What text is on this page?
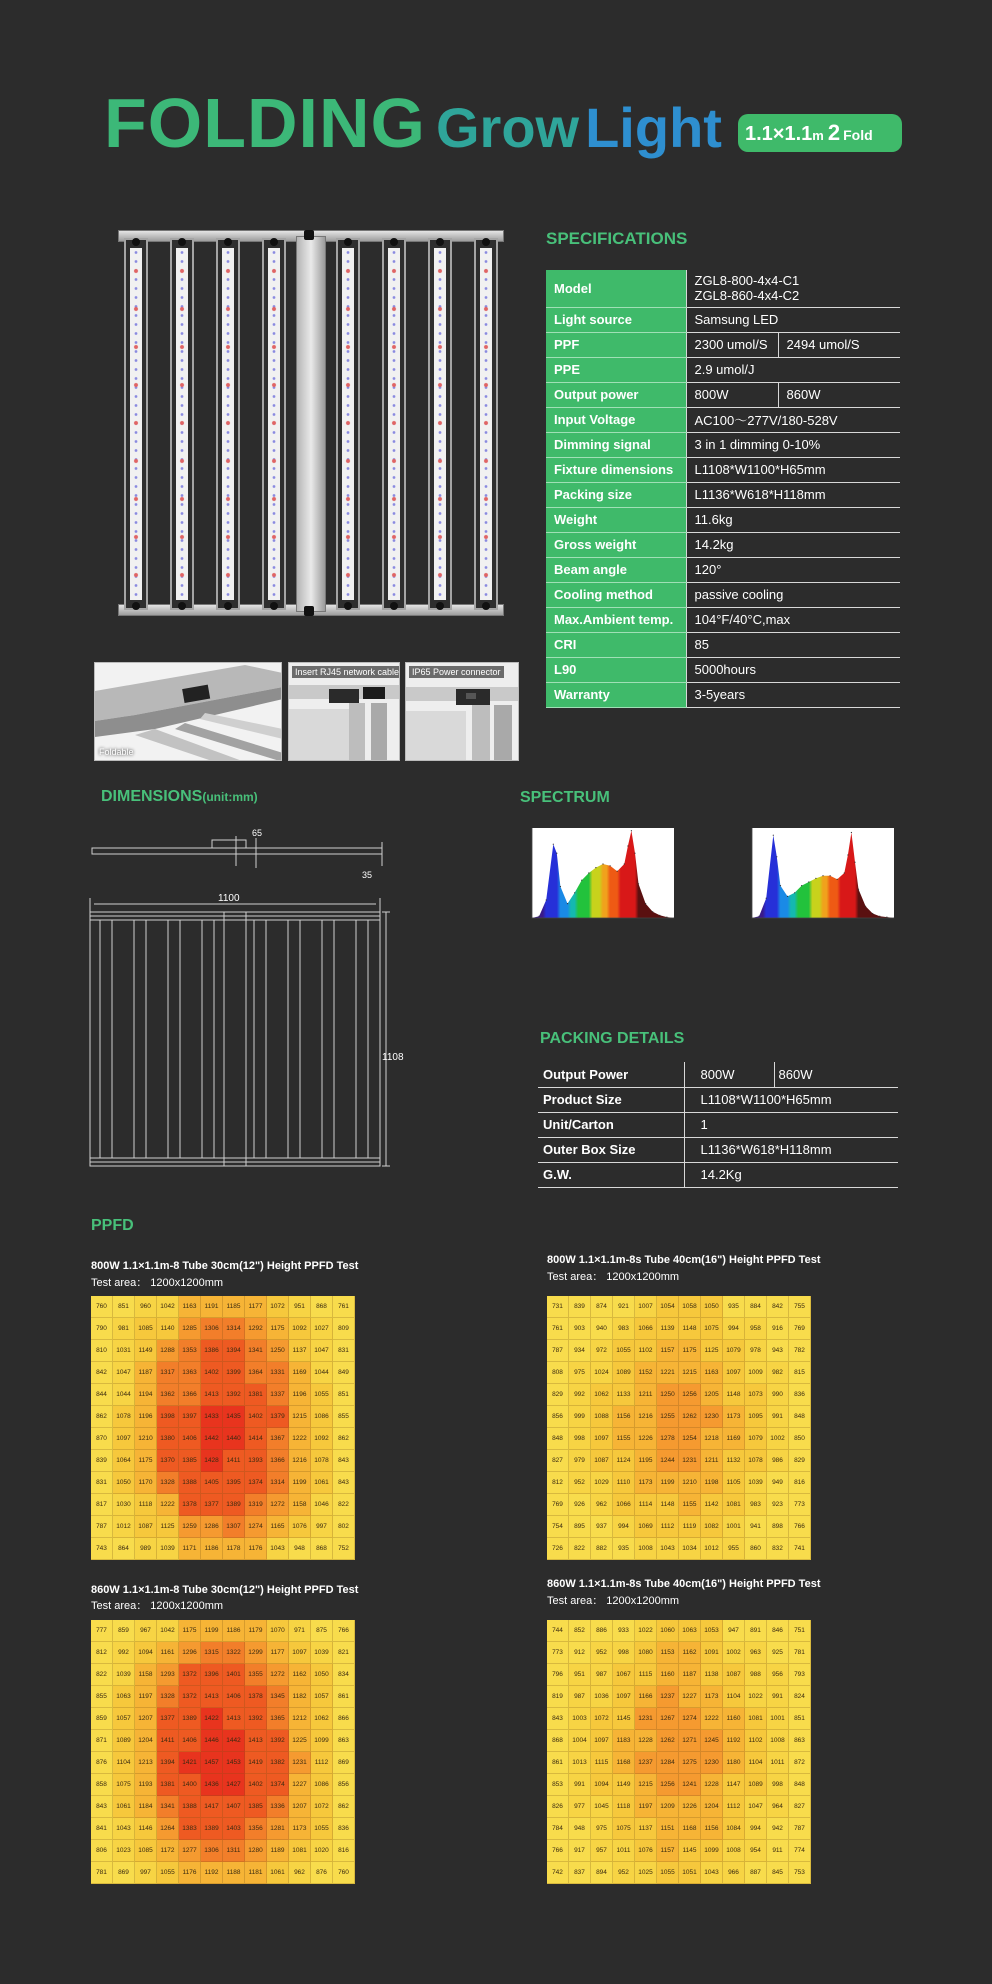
FOLDING Grow Light	1.1×1.1m 2 Fold
Foldable
Insert RJ45 network cable	IP65 Power connector
SPECIFICATIONS
Model	ZGL8-800-4x4-C1
ZGL8-860-4x4-C2	

Light source	Samsung LED	
PPF	2300 umol/S	2494 umol/S
PPE	2.9 umol/J	
Output power	800W	860W
Input Voltage	AC100～277V/180-528V	
Dimming signal	3 in 1 dimming 0-10%	
Fixture dimensions	L1108*W1100*H65mm	
Packing size	L1136*W618*H118mm	
Weight	11.6kg	
Gross weight	14.2kg	
Beam angle	120°	
Cooling method	passive cooling	
Max.Ambient temp.	104°F/40°C,max	
CRI	85	
L90	5000hours	
Warranty	3-5years	
DIMENSIONS(unit:mm)
65
35
1100
1108
SPECTRUM
PACKING DETAILS
Output Power	800W	860W
Product Size	L1108*W1100*H65mm	
Unit/Carton	1	
Outer Box Size	L1136*W618*H118mm	
G.W.	14.2Kg	
PPFD
800W 1.1×1.1m-8 Tube 30cm(12") Height PPFD Test
Test area： 1200x1200mm
760	851	960	1042	1163	1191	1185	1177	1072	951	868	761
790	981	1085	1140	1285	1306	1314	1292	1175	1092	1027	809
810	1031	1149	1288	1353	1386	1394	1341	1250	1137	1047	831
842	1047	1187	1317	1363	1402	1399	1364	1331	1169	1044	849
844	1044	1194	1362	1366	1413	1392	1381	1337	1196	1055	851
862	1078	1196	1398	1397	1433	1435	1402	1379	1215	1086	855
870	1097	1210	1380	1406	1442	1440	1414	1367	1222	1092	862
839	1064	1175	1370	1385	1428	1411	1393	1366	1216	1078	843
831	1050	1170	1328	1388	1405	1395	1374	1314	1199	1061	843
817	1030	1118	1222	1378	1377	1389	1319	1272	1158	1046	822
787	1012	1087	1125	1259	1286	1307	1274	1165	1076	997	802
743	864	989	1039	1171	1186	1178	1176	1043	948	868	752
800W 1.1×1.1m-8s Tube 40cm(16") Height PPFD Test
Test area： 1200x1200mm
731	839	874	921	1007	1054	1058	1050	935	884	842	755
761	903	940	983	1066	1139	1148	1075	994	958	916	769
787	934	972	1055	1102	1157	1175	1125	1079	978	943	782
808	975	1024	1089	1152	1221	1215	1163	1097	1009	982	815
829	992	1062	1133	1211	1250	1256	1205	1148	1073	990	836
856	999	1088	1156	1216	1255	1262	1230	1173	1095	991	848
848	998	1097	1155	1226	1278	1254	1218	1169	1079	1002	850
827	979	1087	1124	1195	1244	1231	1211	1132	1078	986	829
812	952	1029	1110	1173	1199	1210	1198	1105	1039	949	816
769	926	962	1066	1114	1148	1155	1142	1081	983	923	773
754	895	937	994	1069	1112	1119	1082	1001	941	898	766
726	822	882	935	1008	1043	1034	1012	955	860	832	741
860W 1.1×1.1m-8 Tube 30cm(12") Height PPFD Test
Test area： 1200x1200mm
777	859	967	1042	1175	1199	1186	1179	1070	971	875	766
812	992	1094	1161	1296	1315	1322	1299	1177	1097	1039	821
822	1039	1158	1293	1372	1396	1401	1355	1272	1162	1050	834
855	1063	1197	1328	1372	1413	1406	1378	1345	1182	1057	861
859	1057	1207	1377	1389	1422	1413	1392	1365	1212	1062	866
871	1089	1204	1411	1406	1446	1442	1413	1392	1225	1099	863
876	1104	1213	1394	1421	1457	1453	1419	1382	1231	1112	869
858	1075	1193	1381	1400	1436	1427	1402	1374	1227	1086	856
843	1061	1184	1341	1388	1417	1407	1385	1336	1207	1072	862
841	1043	1146	1264	1383	1389	1403	1356	1281	1173	1055	836
806	1023	1085	1172	1277	1306	1311	1280	1189	1081	1020	816
781	869	997	1055	1176	1192	1188	1181	1061	962	876	760
860W 1.1×1.1m-8s Tube 40cm(16") Height PPFD Test
Test area： 1200x1200mm
744	852	886	933	1022	1060	1063	1053	947	891	846	751
773	912	952	998	1080	1153	1162	1091	1002	963	925	781
796	951	987	1067	1115	1160	1187	1138	1087	988	956	793
819	987	1036	1097	1166	1237	1227	1173	1104	1022	991	824
843	1003	1072	1145	1231	1267	1274	1222	1160	1081	1001	851
868	1004	1097	1183	1228	1262	1271	1245	1192	1102	1008	863
861	1013	1115	1168	1237	1284	1275	1230	1180	1104	1011	872
853	991	1094	1149	1215	1256	1241	1228	1147	1089	998	848
826	977	1045	1118	1197	1209	1226	1204	1112	1047	964	827
784	948	975	1075	1137	1151	1168	1156	1084	994	942	787
766	917	957	1011	1076	1157	1145	1099	1008	954	911	774
742	837	894	952	1025	1055	1051	1043	966	887	845	753
